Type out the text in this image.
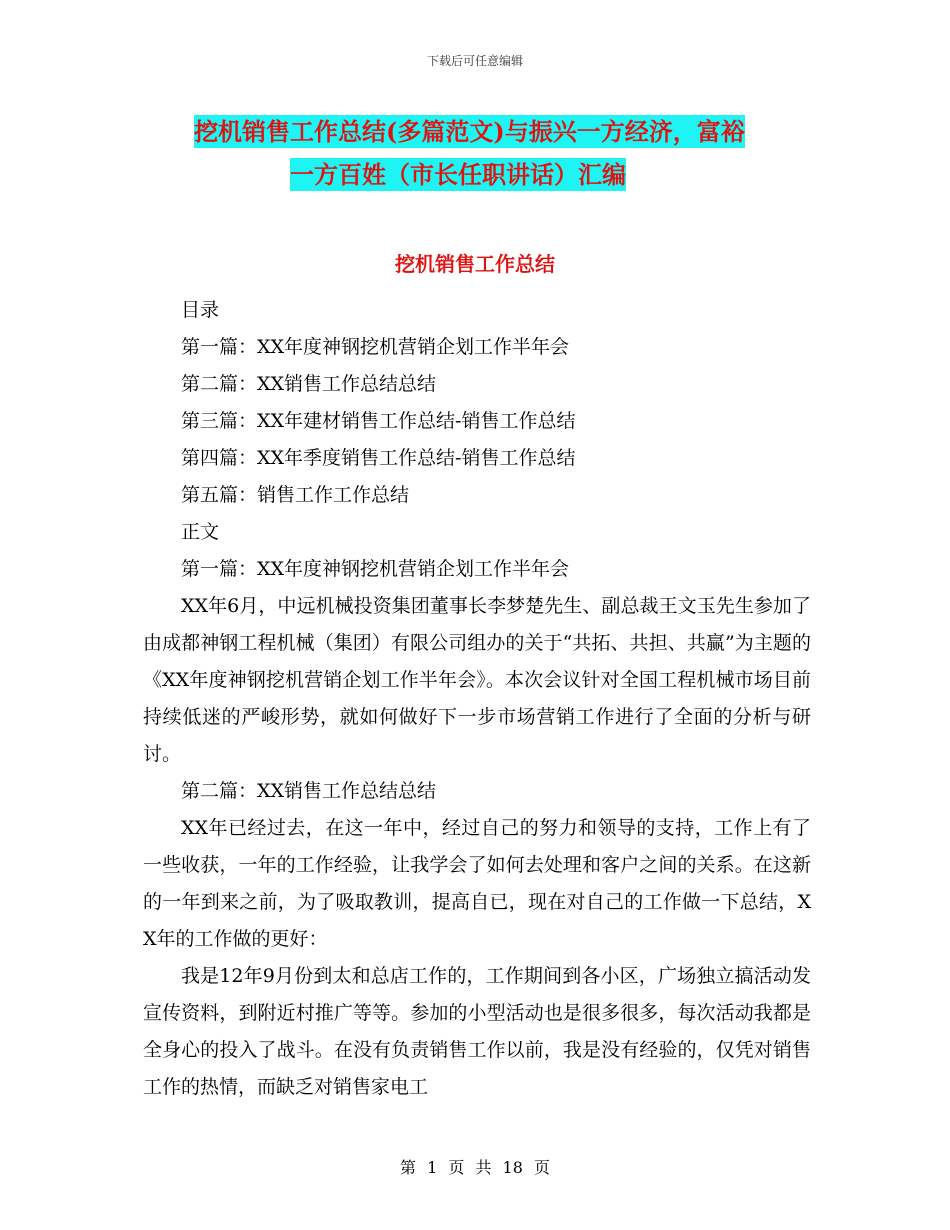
下载后可任意编辑
挖机销售工作总结(多篇范文)与振兴一方经济，富裕
一方百姓（市长任职讲话）汇编
挖机销售工作总结

目录

第一篇：XX年度神钢挖机营销企划工作半年会

第二篇：XX销售工作总结总结

第三篇：XX年建材销售工作总结-销售工作总结

第四篇：XX年季度销售工作总结-销售工作总结

第五篇：销售工作工作总结

正文

第一篇：XX年度神钢挖机营销企划工作半年会

XX年6月，中远机械投资集团董事长李梦楚先生、副总裁王文玉先生参加了由成都神钢工程机械（集团）有限公司组办的关于“共拓、共担、共赢”为主题的《XX年度神钢挖机营销企划工作半年会》。本次会议针对全国工程机械市场目前持续低迷的严峻形势，就如何做好下一步市场营销工作进行了全面的分析与研讨。

第二篇：XX销售工作总结总结

XX年已经过去，在这一年中，经过自己的努力和领导的支持，工作上有了一些收获，一年的工作经验，让我学会了如何去处理和客户之间的关系。在这新的一年到来之前，为了吸取教训，提高自已，现在对自己的工作做一下总结，XX年的工作做的更好：

我是12年9月份到太和总店工作的，工作期间到各小区，广场独立搞活动发宣传资料，到附近村推广等等。参加的小型活动也是很多很多，每次活动我都是全身心的投入了战斗。在没有负责销售工作以前，我是没有经验的，仅凭对销售工作的热情，而缺乏对销售家电工

第 1 页 共 18 页
